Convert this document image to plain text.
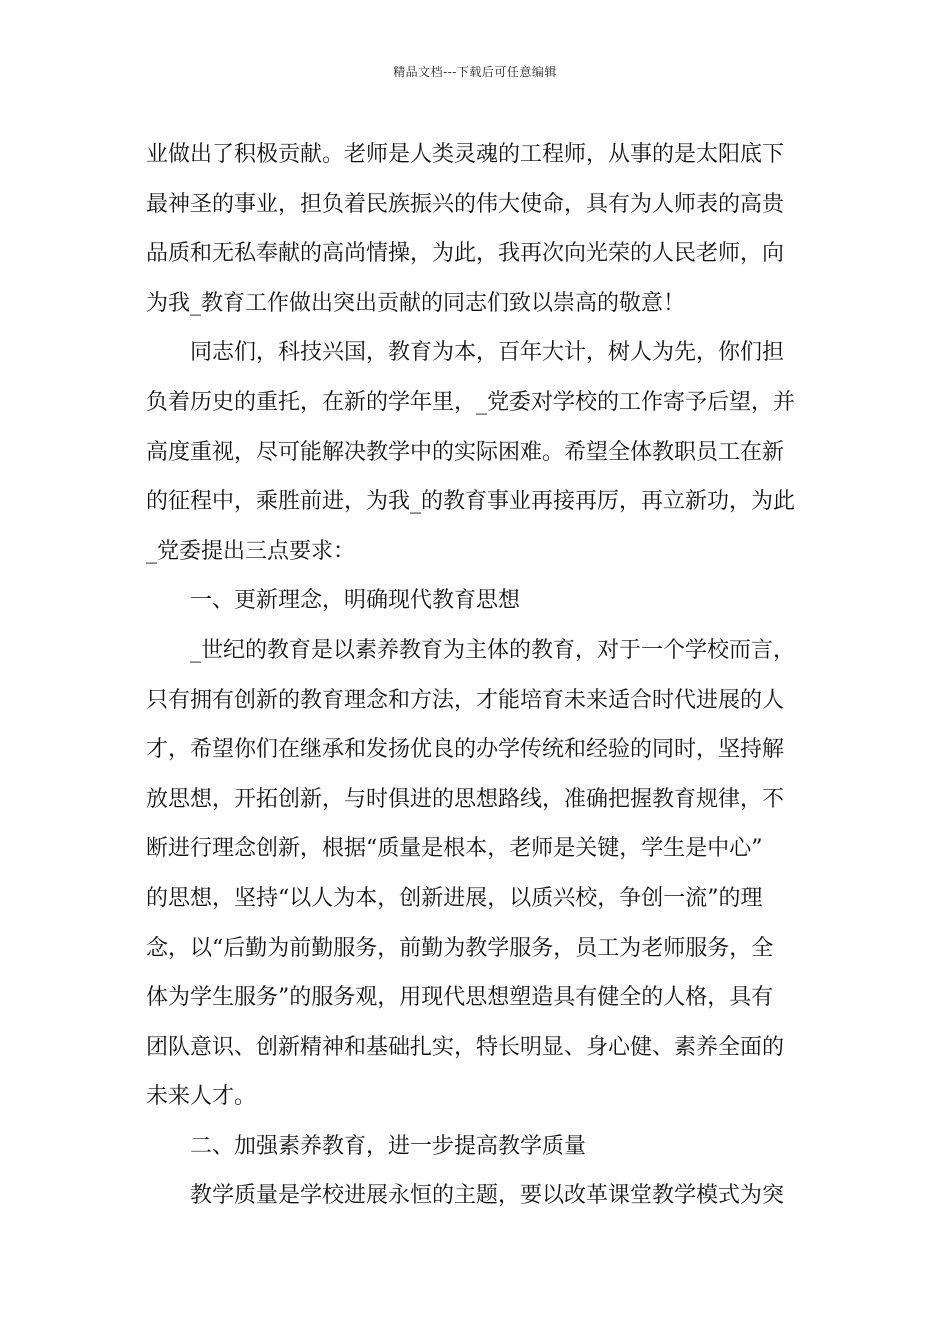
精品文档---下载后可任意编辑
业做出了积极贡献。老师是人类灵魂的工程师，从事的是太阳底下
最神圣的事业，担负着民族振兴的伟大使命，具有为人师表的高贵
品质和无私奉献的高尚情操，为此，我再次向光荣的人民老师，向
为我_教育工作做出突出贡献的同志们致以崇高的敬意！
同志们，科技兴国，教育为本，百年大计，树人为先，你们担
负着历史的重托，在新的学年里，_党委对学校的工作寄予后望，并
高度重视，尽可能解决教学中的实际困难。希望全体教职员工在新
的征程中，乘胜前进，为我_的教育事业再接再厉，再立新功，为此
_党委提出三点要求：
一、更新理念，明确现代教育思想
_世纪的教育是以素养教育为主体的教育，对于一个学校而言，
只有拥有创新的教育理念和方法，才能培育未来适合时代进展的人
才，希望你们在继承和发扬优良的办学传统和经验的同时，坚持解
放思想，开拓创新，与时俱进的思想路线，准确把握教育规律，不
断进行理念创新，根据“质量是根本，老师是关键，学生是中心”
的思想，坚持“以人为本，创新进展，以质兴校，争创一流”的理
念，以“后勤为前勤服务，前勤为教学服务，员工为老师服务，全
体为学生服务”的服务观，用现代思想塑造具有健全的人格，具有
团队意识、创新精神和基础扎实，特长明显、身心健、素养全面的
未来人才。
二、加强素养教育，进一步提高教学质量
教学质量是学校进展永恒的主题，要以改革课堂教学模式为突
